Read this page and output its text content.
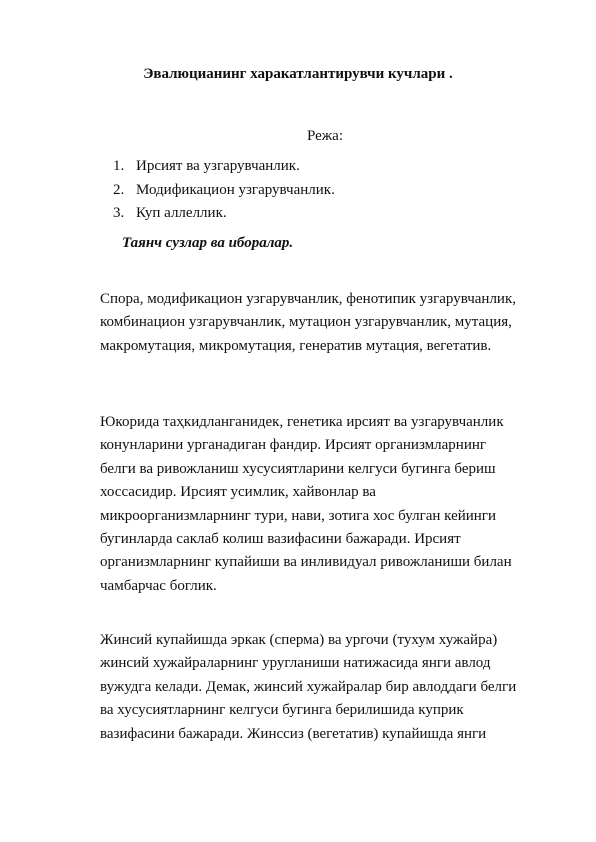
Эвалюцианинг харакатлантирувчи кучлари .
Режа:
1. Ирсият ва узгарувчанлик.
2. Модификацион узгарувчанлик.
3. Куп аллеллик.
Таянч сузлар ва иборалар.

Спора, модификацион узгарувчанлик, фенотипик узгарувчанлик,
комбинацион узгарувчанлик, мутацион узгарувчанлик, мутация,
макромутация, микромутация, генератив мутация, вегетатив.

Юкорида таҳкидланганидек, генетика ирсият ва узгарувчанлик
конунларини урганадиган фандир. Ирсият организмларнинг
белги ва ривожланиш хусусиятларини келгуси бугинга бериш
хоссасидир. Ирсият усимлик, хайвонлар ва
микроорганизмларнинг тури, нави, зотига хос булган кейинги
бугинларда саклаб колиш вазифасини бажаради. Ирсият
организмларнинг купайиши ва инливидуал ривожланиши билан
чамбарчас боглик.

Жинсий купайишда эркак (сперма) ва ургочи (тухум хужайра)
жинсий хужайраларнинг уругланиши натижасида янги авлод
вужудга келади. Демак, жинсий хужайралар бир авлоддаги белги
ва хусусиятларнинг келгуси бугинга берилишида куприк
вазифасини бажаради. Жинссиз (вегетатив) купайишда янги
